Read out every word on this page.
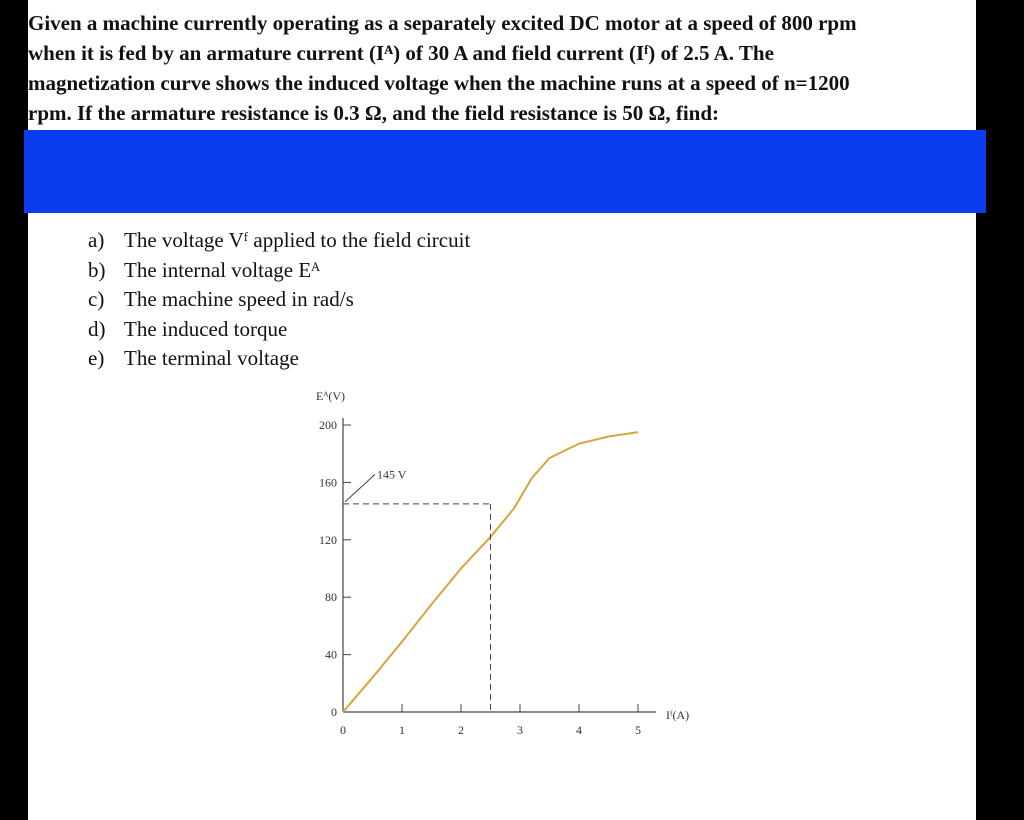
Given a machine currently operating as a separately excited DC motor at a speed of 800 rpm
when it is fed by an armature current (Iᴬ) of 30 A and field current (Iᶠ) of 2.5 A. The
magnetization curve shows the induced voltage when the machine runs at a speed of n=1200
rpm. If the armature resistance is 0.3 Ω, and the field resistance is 50 Ω, find:
a) The voltage Vᶠ applied to the field circuit
b) The internal voltage Eᴬ
c) The machine speed in rad/s
d) The induced torque
e) The terminal voltage
Eᴬ(V)
Iᶠ(A)
0
40
80
120
160
200
0	1	2	3	4	5
145 V
